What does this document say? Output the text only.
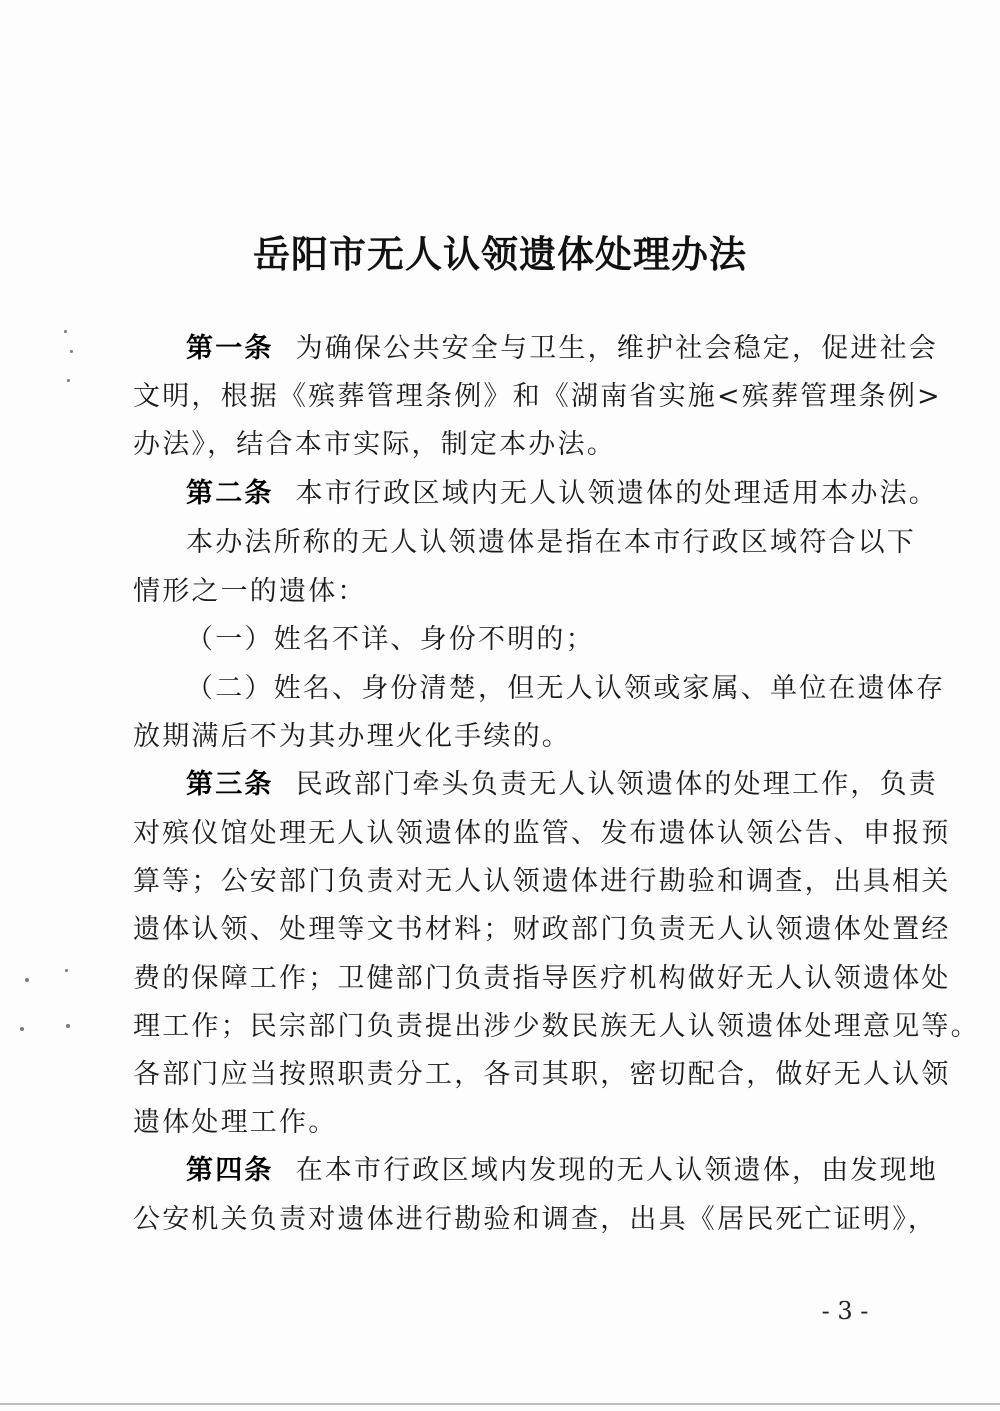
岳阳市无人认领遗体处理办法
第一条 为确保公共安全与卫生，维护社会稳定，促进社会
文明，根据《殡葬管理条例》和《湖南省实施<殡葬管理条例>
办法》，结合本市实际，制定本办法。
第二条 本市行政区域内无人认领遗体的处理适用本办法。
本办法所称的无人认领遗体是指在本市行政区域符合以下
情形之一的遗体：
（一）姓名不详、身份不明的；
（二）姓名、身份清楚，但无人认领或家属、单位在遗体存
放期满后不为其办理火化手续的。
第三条 民政部门牵头负责无人认领遗体的处理工作，负责
对殡仪馆处理无人认领遗体的监管、发布遗体认领公告、申报预
算等；公安部门负责对无人认领遗体进行勘验和调查，出具相关
遗体认领、处理等文书材料；财政部门负责无人认领遗体处置经
费的保障工作；卫健部门负责指导医疗机构做好无人认领遗体处
理工作；民宗部门负责提出涉少数民族无人认领遗体处理意见等。
各部门应当按照职责分工，各司其职，密切配合，做好无人认领
遗体处理工作。
第四条 在本市行政区域内发现的无人认领遗体，由发现地
公安机关负责对遗体进行勘验和调查，出具《居民死亡证明》，
- 3 -
